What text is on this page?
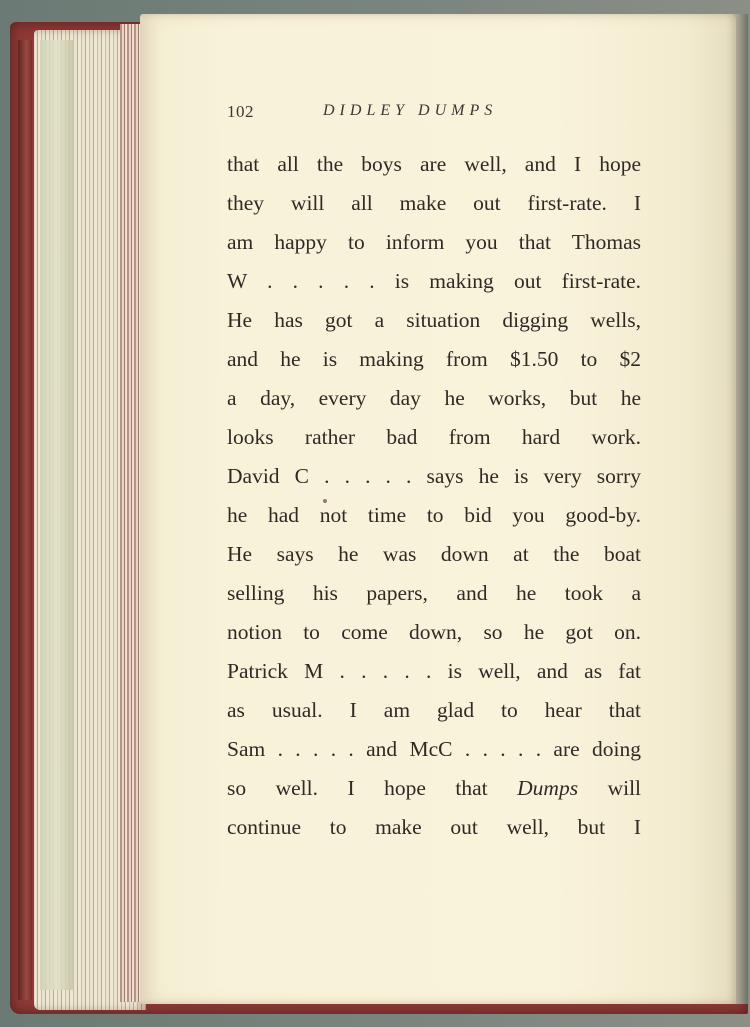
102	DIDLEY DUMPS
that all the boys are well, and I hope
they will all make out first-rate. I
am happy to inform you that Thomas
W . . . . . is making out first-rate.
He has got a situation digging wells,
and he is making from $1.50 to $2
a day, every day he works, but he
looks rather bad from hard work.
David C . . . . . says he is very sorry
he had not time to bid you good-by.
He says he was down at the boat
selling his papers, and he took a
notion to come down, so he got on.
Patrick M . . . . . is well, and as fat
as usual. I am glad to hear that
Sam . . . . . and McC . . . . . are doing
so well. I hope that Dumps will
continue to make out well, but I
